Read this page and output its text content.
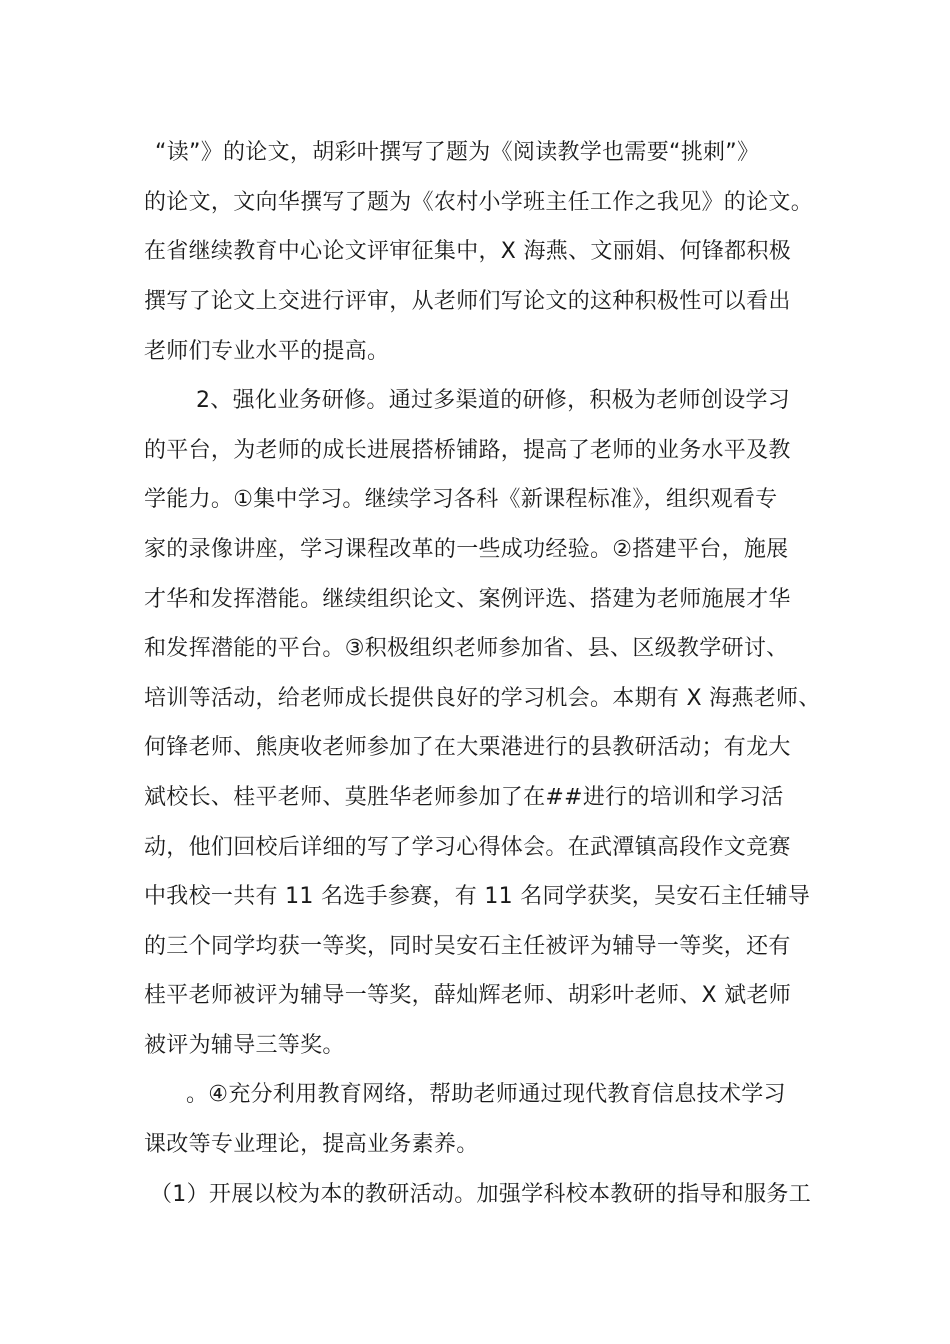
“读”》的论文，胡彩叶撰写了题为《阅读教学也需要“挑刺”》
的论文，文向华撰写了题为《农村小学班主任工作之我见》的论文。
在省继续教育中心论文评审征集中，X 海燕、文丽娟、何锋都积极
撰写了论文上交进行评审，从老师们写论文的这种积极性可以看出
老师们专业水平的提高。
2、强化业务研修。通过多渠道的研修，积极为老师创设学习
的平台，为老师的成长进展搭桥铺路，提高了老师的业务水平及教
学能力。①集中学习。继续学习各科《新课程标准》，组织观看专
家的录像讲座，学习课程改革的一些成功经验。②搭建平台，施展
才华和发挥潜能。继续组织论文、案例评选、搭建为老师施展才华
和发挥潜能的平台。③积极组织老师参加省、县、区级教学研讨、
培训等活动，给老师成长提供良好的学习机会。本期有 X 海燕老师、
何锋老师、熊庚收老师参加了在大栗港进行的县教研活动；有龙大
斌校长、桂平老师、莫胜华老师参加了在##进行的培训和学习活
动，他们回校后详细的写了学习心得体会。在武潭镇高段作文竞赛
中我校一共有 11 名选手参赛，有 11 名同学获奖，吴安石主任辅导
的三个同学均获一等奖，同时吴安石主任被评为辅导一等奖，还有
桂平老师被评为辅导一等奖，薛灿辉老师、胡彩叶老师、X 斌老师
被评为辅导三等奖。
。④充分利用教育网络，帮助老师通过现代教育信息技术学习
课改等专业理论，提高业务素养。
（1）开展以校为本的教研活动。加强学科校本教研的指导和服务工
